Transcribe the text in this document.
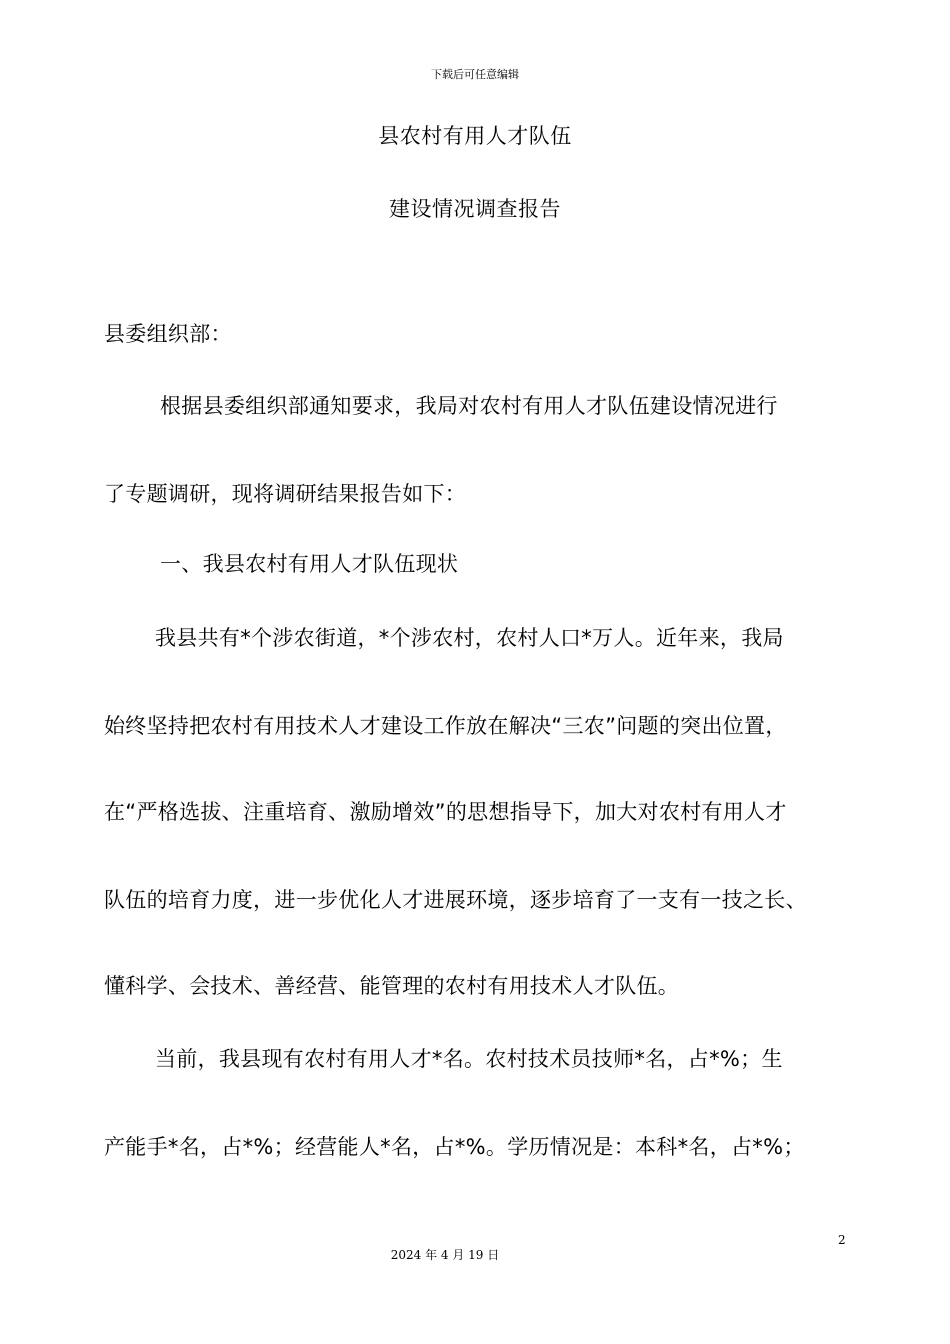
下载后可任意编辑
县农村有用人才队伍
建设情况调查报告
县委组织部：
根据县委组织部通知要求，我局对农村有用人才队伍建设情况进行
了专题调研，现将调研结果报告如下：
一、我县农村有用人才队伍现状
我县共有*个涉农街道，*个涉农村，农村人口*万人。近年来，我局
始终坚持把农村有用技术人才建设工作放在解决“三农”问题的突出位置，
在“严格选拔、注重培育、激励增效”的思想指导下，加大对农村有用人才
队伍的培育力度，进一步优化人才进展环境，逐步培育了一支有一技之长、
懂科学、会技术、善经营、能管理的农村有用技术人才队伍。
当前，我县现有农村有用人才*名。农村技术员技师*名，占*%；生
产能手*名，占*%；经营能人*名，占*%。学历情况是：本科*名，占*%；
2
2024 年 4 月 19 日
